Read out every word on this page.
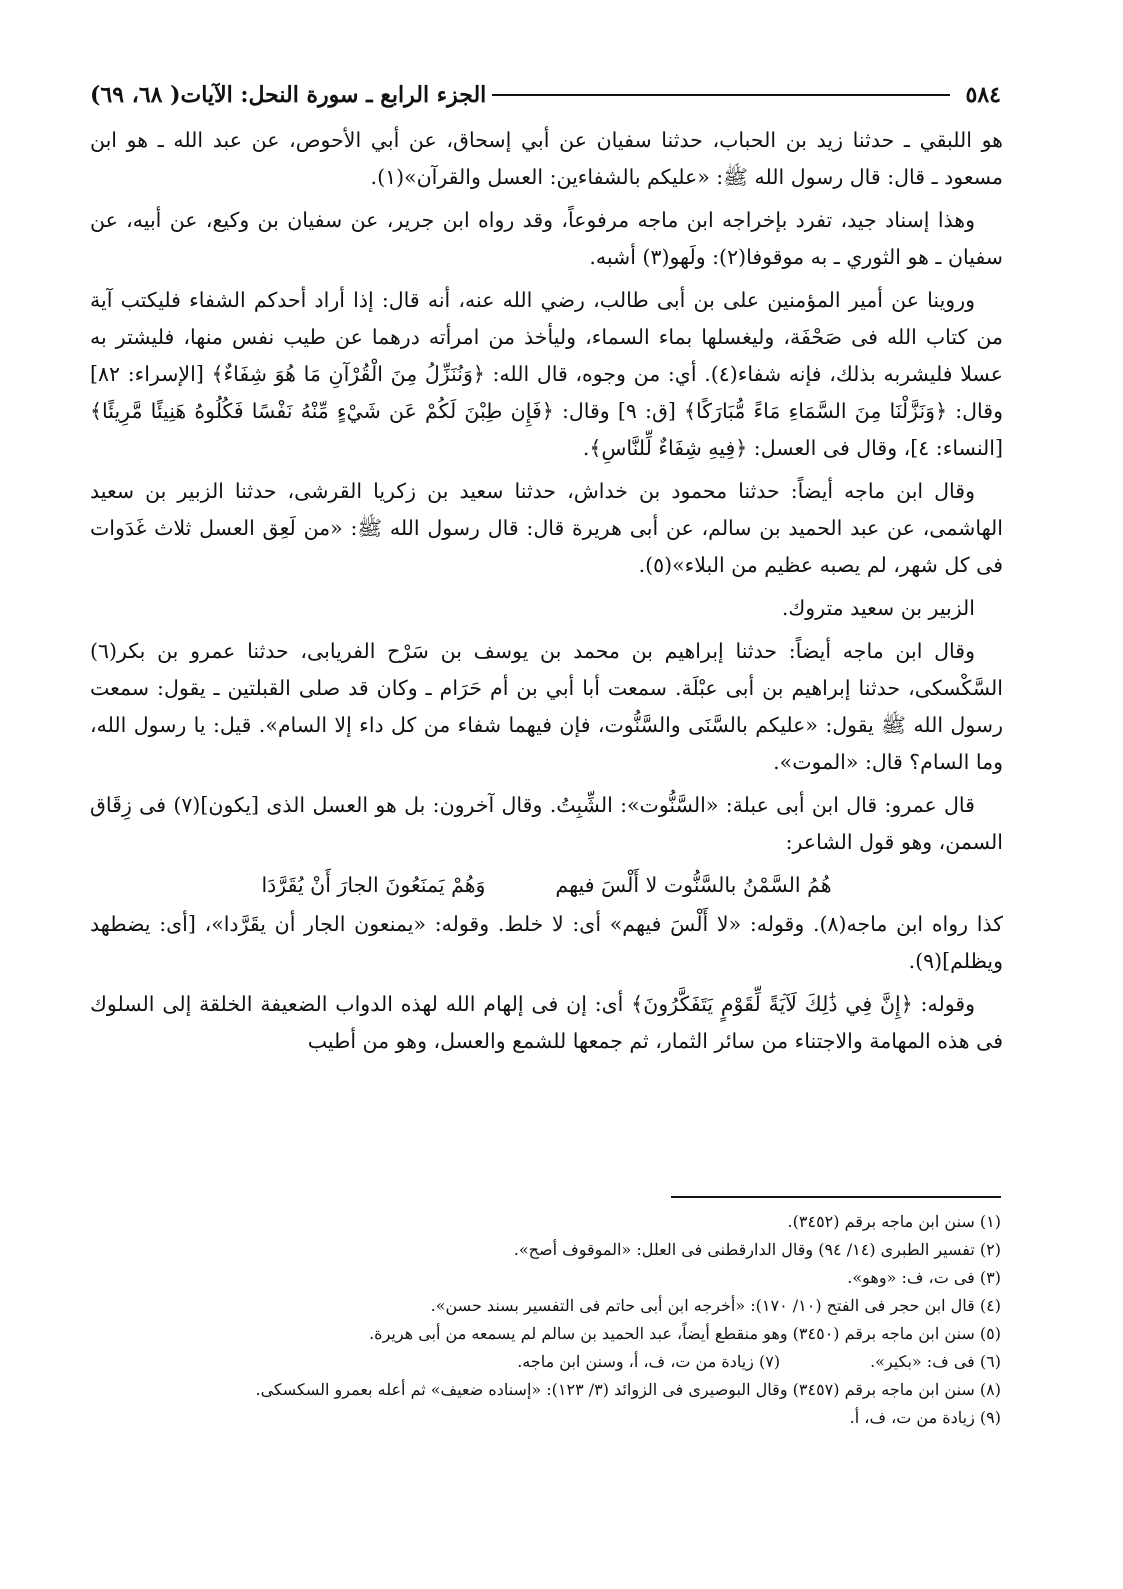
٥٨٤
الجزء الرابع ـ سورة النحل: الآيات( ٦٨، ٦٩)

هو اللبقي ـ حدثنا زيد بن الحباب، حدثنا سفيان عن أبي إسحاق، عن أبي الأحوص، عن عبد الله ـ هو ابن مسعود ـ قال: قال رسول الله ﷺ: «عليكم بالشفاءين: العسل والقرآن»(١).

وهذا إسناد جيد، تفرد بإخراجه ابن ماجه مرفوعاً، وقد رواه ابن جرير، عن سفيان بن وكيع، عن أبيه، عن سفيان ـ هو الثوري ـ به موقوفا(٢): ولَهو(٣) أشبه.

وروينا عن أمير المؤمنين على بن أبى طالب، رضي الله عنه، أنه قال: إذا أراد أحدكم الشفاء فليكتب آية من كتاب الله فى صَحْفَة، وليغسلها بماء السماء، وليأخذ من امرأته درهما عن طيب نفس منها، فليشتر به عسلا فليشربه بذلك، فإنه شفاء(٤). أي: من وجوه، قال الله: ﴿وَنُنَزِّلُ مِنَ الْقُرْآنِ مَا هُوَ شِفَاءٌ﴾ [الإسراء: ٨٢] وقال: ﴿وَنَزَّلْنَا مِنَ السَّمَاءِ مَاءً مُّبَارَكًا﴾ [ق: ٩] وقال: ﴿فَإِن طِبْنَ لَكُمْ عَن شَيْءٍ مِّنْهُ نَفْسًا فَكُلُوهُ هَنِيئًا مَّرِيئًا﴾ [النساء: ٤]، وقال فى العسل: ﴿فِيهِ شِفَاءٌ لِّلنَّاسِ﴾.

وقال ابن ماجه أيضاً: حدثنا محمود بن خداش، حدثنا سعيد بن زكريا القرشى، حدثنا الزبير بن سعيد الهاشمى، عن عبد الحميد بن سالم، عن أبى هريرة قال: قال رسول الله ﷺ: «من لَعِق العسل ثلاث غَدَوات فى كل شهر، لم يصبه عظيم من البلاء»(٥).

الزبير بن سعيد متروك.

وقال ابن ماجه أيضاً: حدثنا إبراهيم بن محمد بن يوسف بن سَرْح الفريابى، حدثنا عمرو بن بكر(٦) السَّكْسكى، حدثنا إبراهيم بن أبى عبْلَة. سمعت أبا أبي بن أم حَرَام ـ وكان قد صلى القبلتين ـ يقول: سمعت رسول الله ﷺ يقول: «عليكم بالسَّنَى والسَّنُّوت، فإن فيهما شفاء من كل داء إلا السام». قيل: يا رسول الله، وما السام؟ قال: «الموت».

قال عمرو: قال ابن أبى عبلة: «السَّنُّوت»: الشِّبِتُ. وقال آخرون: بل هو العسل الذى [يكون](٧) فى زِقَاق السمن، وهو قول الشاعر:

هُمُ السَّمْنُ بالسَّنُّوت لا أَلْسَ فيهم
وَهُمْ يَمنَعُونَ الجارَ أَنْ يُقَرَّدَا

كذا رواه ابن ماجه(٨). وقوله: «لا أَلْسَ فيهم» أى: لا خلط. وقوله: «يمنعون الجار أن يقَرَّدا»، [أى: يضطهد ويظلم](٩).

وقوله: ﴿إِنَّ فِي ذَٰلِكَ لَآيَةً لِّقَوْمٍ يَتَفَكَّرُونَ﴾ أى: إن فى إلهام الله لهذه الدواب الضعيفة الخلقة إلى السلوك فى هذه المهامة والاجتناء من سائر الثمار، ثم جمعها للشمع والعسل، وهو من أطيب

(١) سنن ابن ماجه برقم (٣٤٥٢).

(٢) تفسير الطبرى (١٤/ ٩٤) وقال الدارقطنى فى العلل: «الموقوف أصح».

(٣) فى ت، ف: «وهو».

(٤) قال ابن حجر فى الفتح (١٠/ ١٧٠): «أخرجه ابن أبى حاتم فى التفسير بسند حسن».

(٥) سنن ابن ماجه برقم (٣٤٥٠) وهو منقطع أيضاً، عبد الحميد بن سالم لم يسمعه من أبى هريرة.

(٦) فى ف: «بكير».
(٧) زيادة من ت، ف، أ، وسنن ابن ماجه.

(٨) سنن ابن ماجه برقم (٣٤٥٧) وقال البوصيرى فى الزوائد (٣/ ١٢٣): «إسناده ضعيف» ثم أعله بعمرو السكسكى.

(٩) زيادة من ت، ف، أ.
